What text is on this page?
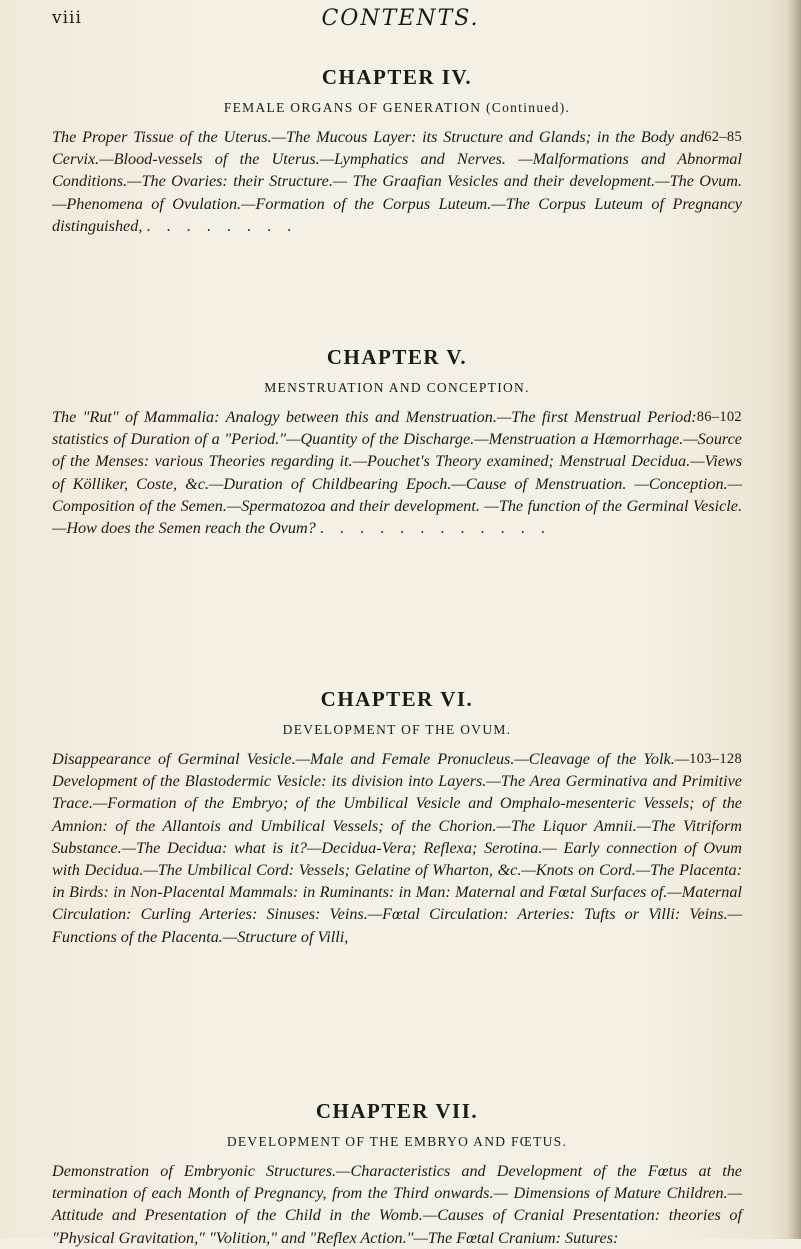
viii	CONTENTS.
CHAPTER IV.

FEMALE ORGANS OF GENERATION (Continued).

62–85
The Proper Tissue of the Uterus.—The Mucous Layer: its Structure and Glands; in the Body and Cervix.—Blood-vessels of the Uterus.—Lymphatics and Nerves. —Malformations and Abnormal Conditions.—The Ovaries: their Structure.— The Graafian Vesicles and their development.—The Ovum.—Phenomena of Ovulation.—Formation of the Corpus Luteum.—The Corpus Luteum of Pregnancy distinguished, . . . . . . . .

CHAPTER V.

MENSTRUATION AND CONCEPTION.

86–102
The "Rut" of Mammalia: Analogy between this and Menstruation.—The first Menstrual Period: statistics of Duration of a "Period."—Quantity of the Discharge.—Menstruation a Hæmorrhage.—Source of the Menses: various Theories regarding it.—Pouchet's Theory examined; Menstrual Decidua.—Views of Kölliker, Coste, &c.—Duration of Childbearing Epoch.—Cause of Menstruation. —Conception.—Composition of the Semen.—Spermatozoa and their development. —The function of the Germinal Vesicle.—How does the Semen reach the Ovum? . . . . . . . . . . . .

CHAPTER VI.

DEVELOPMENT OF THE OVUM.

103–128
Disappearance of Germinal Vesicle.—Male and Female Pronucleus.—Cleavage of the Yolk.—Development of the Blastodermic Vesicle: its division into Layers.—The Area Germinativa and Primitive Trace.—Formation of the Embryo; of the Umbilical Vesicle and Omphalo-mesenteric Vessels; of the Amnion: of the Allantois and Umbilical Vessels; of the Chorion.—The Liquor Amnii.—The Vitriform Substance.—The Decidua: what is it?—Decidua-Vera; Reflexa; Serotina.— Early connection of Ovum with Decidua.—The Umbilical Cord: Vessels; Gelatine of Wharton, &c.—Knots on Cord.—The Placenta: in Birds: in Non-Placental Mammals: in Ruminants: in Man: Maternal and Fœtal Surfaces of.—Maternal Circulation: Curling Arteries: Sinuses: Veins.—Fœtal Circulation: Arteries: Tufts or Villi: Veins.—Functions of the Placenta.—Structure of Villi,

CHAPTER VII.

DEVELOPMENT OF THE EMBRYO AND FŒTUS.

Demonstration of Embryonic Structures.—Characteristics and Development of the Fœtus at the termination of each Month of Pregnancy, from the Third onwards.— Dimensions of Mature Children.—Attitude and Presentation of the Child in the Womb.—Causes of Cranial Presentation: theories of "Physical Gravitation," "Volition," and "Reflex Action."—The Fœtal Cranium: Sutures:
